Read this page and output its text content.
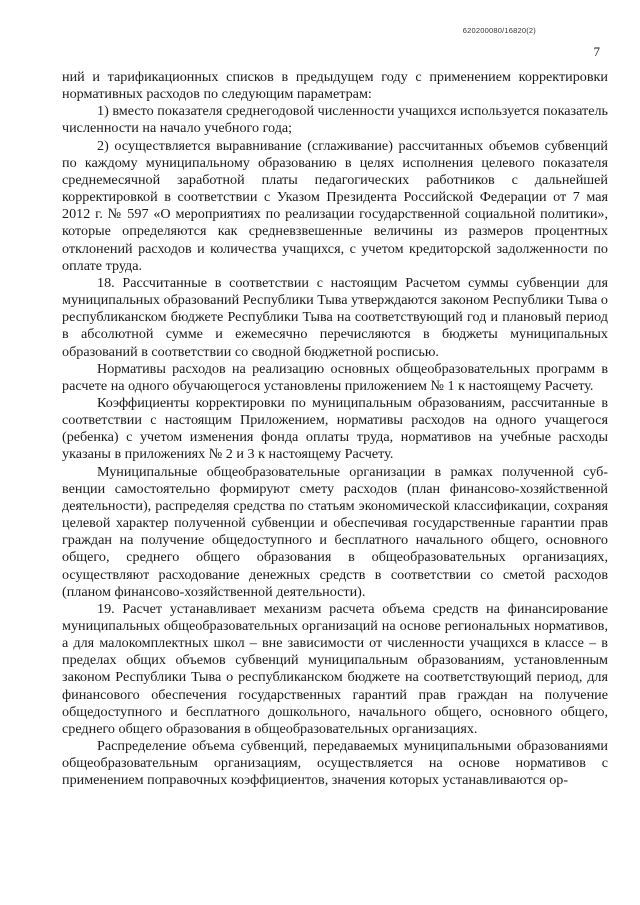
620200080/16820(2)
7

ний и тарификационных списков в предыдущем году с применением корректировки нормативных расходов по следующим параметрам:

1) вместо показателя среднегодовой численности учащихся используется показатель численности на начало учебного года;

2) осуществляется выравнивание (сглаживание) рассчитанных объемов субвенций по каждому муниципальному образованию в целях исполнения целевого показателя среднемесячной заработной платы педагогических работников с дальнейшей корректировкой в соответствии с Указом Президента Российской Федерации от 7 мая 2012 г. № 597 «О мероприятиях по реализации государственной социальной политики», которые определяются как средневзвешенные величины из размеров процентных отклонений расходов и количества учащихся, с учетом кредиторской задолженности по оплате труда.

18. Рассчитанные в соответствии с настоящим Расчетом суммы субвенции для муниципальных образований Республики Тыва утверждаются законом Республики Тыва о республиканском бюджете Республики Тыва на соответствующий год и плановый период в абсолютной сумме и ежемесячно перечисляются в бюджеты муниципальных образований в соответствии со сводной бюджетной росписью.

Нормативы расходов на реализацию основных общеобразовательных программ в расчете на одного обучающегося установлены приложением № 1 к настоящему Расчету.

Коэффициенты корректировки по муниципальным образованиям, рассчитанные в соответствии с настоящим Приложением, нормативы расходов на одного учащегося (ребенка) с учетом изменения фонда оплаты труда, нормативов на учебные расходы указаны в приложениях № 2 и 3 к настоящему Расчету.

Муниципальные общеобразовательные организации в рамках полученной субвенции самостоятельно формируют смету расходов (план финансово-хозяйственной деятельности), распределяя средства по статьям экономической классификации, сохраняя целевой характер полученной субвенции и обеспечивая государственные гарантии прав граждан на получение общедоступного и бесплатного начального общего, основного общего, среднего общего образования в общеобразовательных организациях, осуществляют расходование денежных средств в соответствии со сметой расходов (планом финансово-хозяйственной деятельности).

19. Расчет устанавливает механизм расчета объема средств на финансирование муниципальных общеобразовательных организаций на основе региональных нормативов, а для малокомплектных школ – вне зависимости от численности учащихся в классе – в пределах общих объемов субвенций муниципальным образованиям, установленным законом Республики Тыва о республиканском бюджете на соответствующий период, для финансового обеспечения государственных гарантий прав граждан на получение общедоступного и бесплатного дошкольного, начального общего, основного общего, среднего общего образования в общеобразовательных организациях.

Распределение объема субвенций, передаваемых муниципальными образованиями общеобразовательным организациям, осуществляется на основе нормативов с применением поправочных коэффициентов, значения которых устанавливаются ор-
